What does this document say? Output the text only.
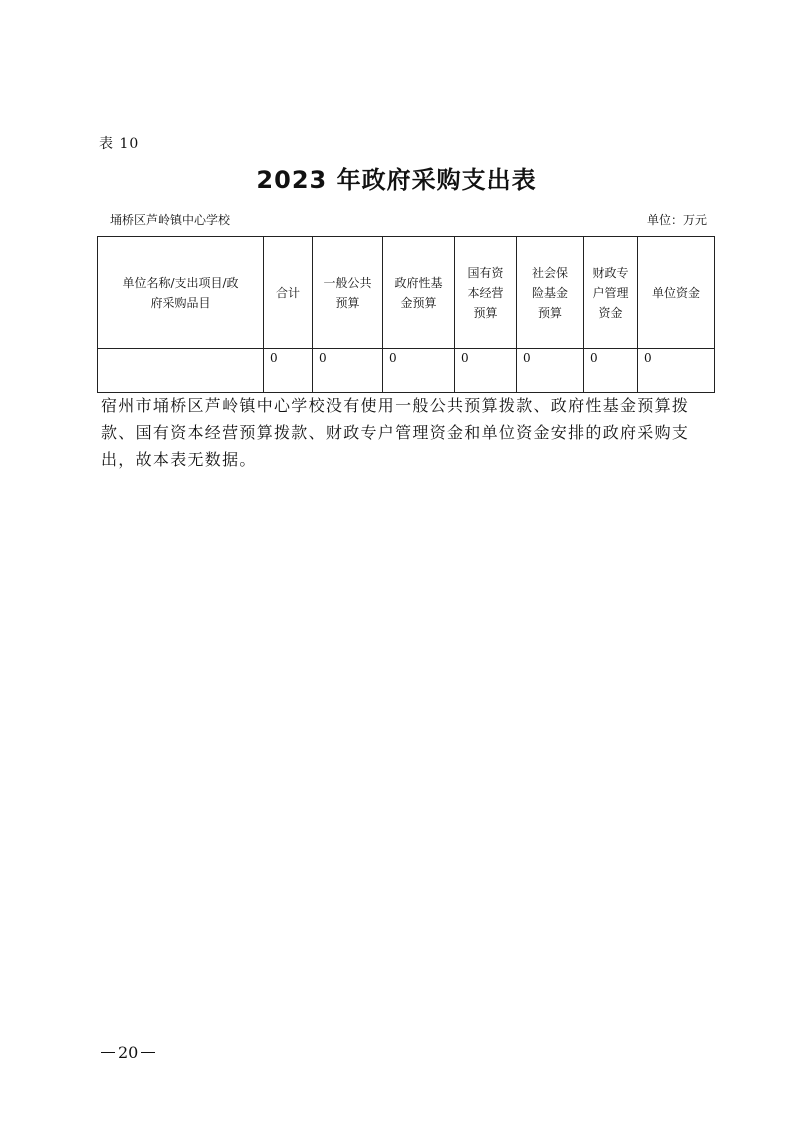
表 10
2023 年政府采购支出表
埇桥区芦岭镇中心学校	单位：万元
单位名称/支出项目/政府采购品目	合计	一般公共预算	政府性基金预算	国有资本经营预算	社会保险基金预算	财政专户管理资金	单位资金
	0	0	0	0	0	0	0
宿州市埇桥区芦岭镇中心学校没有使用一般公共预算拨款、政府性基金预算拨款、国有资本经营预算拨款、财政专户管理资金和单位资金安排的政府采购支出，故本表无数据。
20
